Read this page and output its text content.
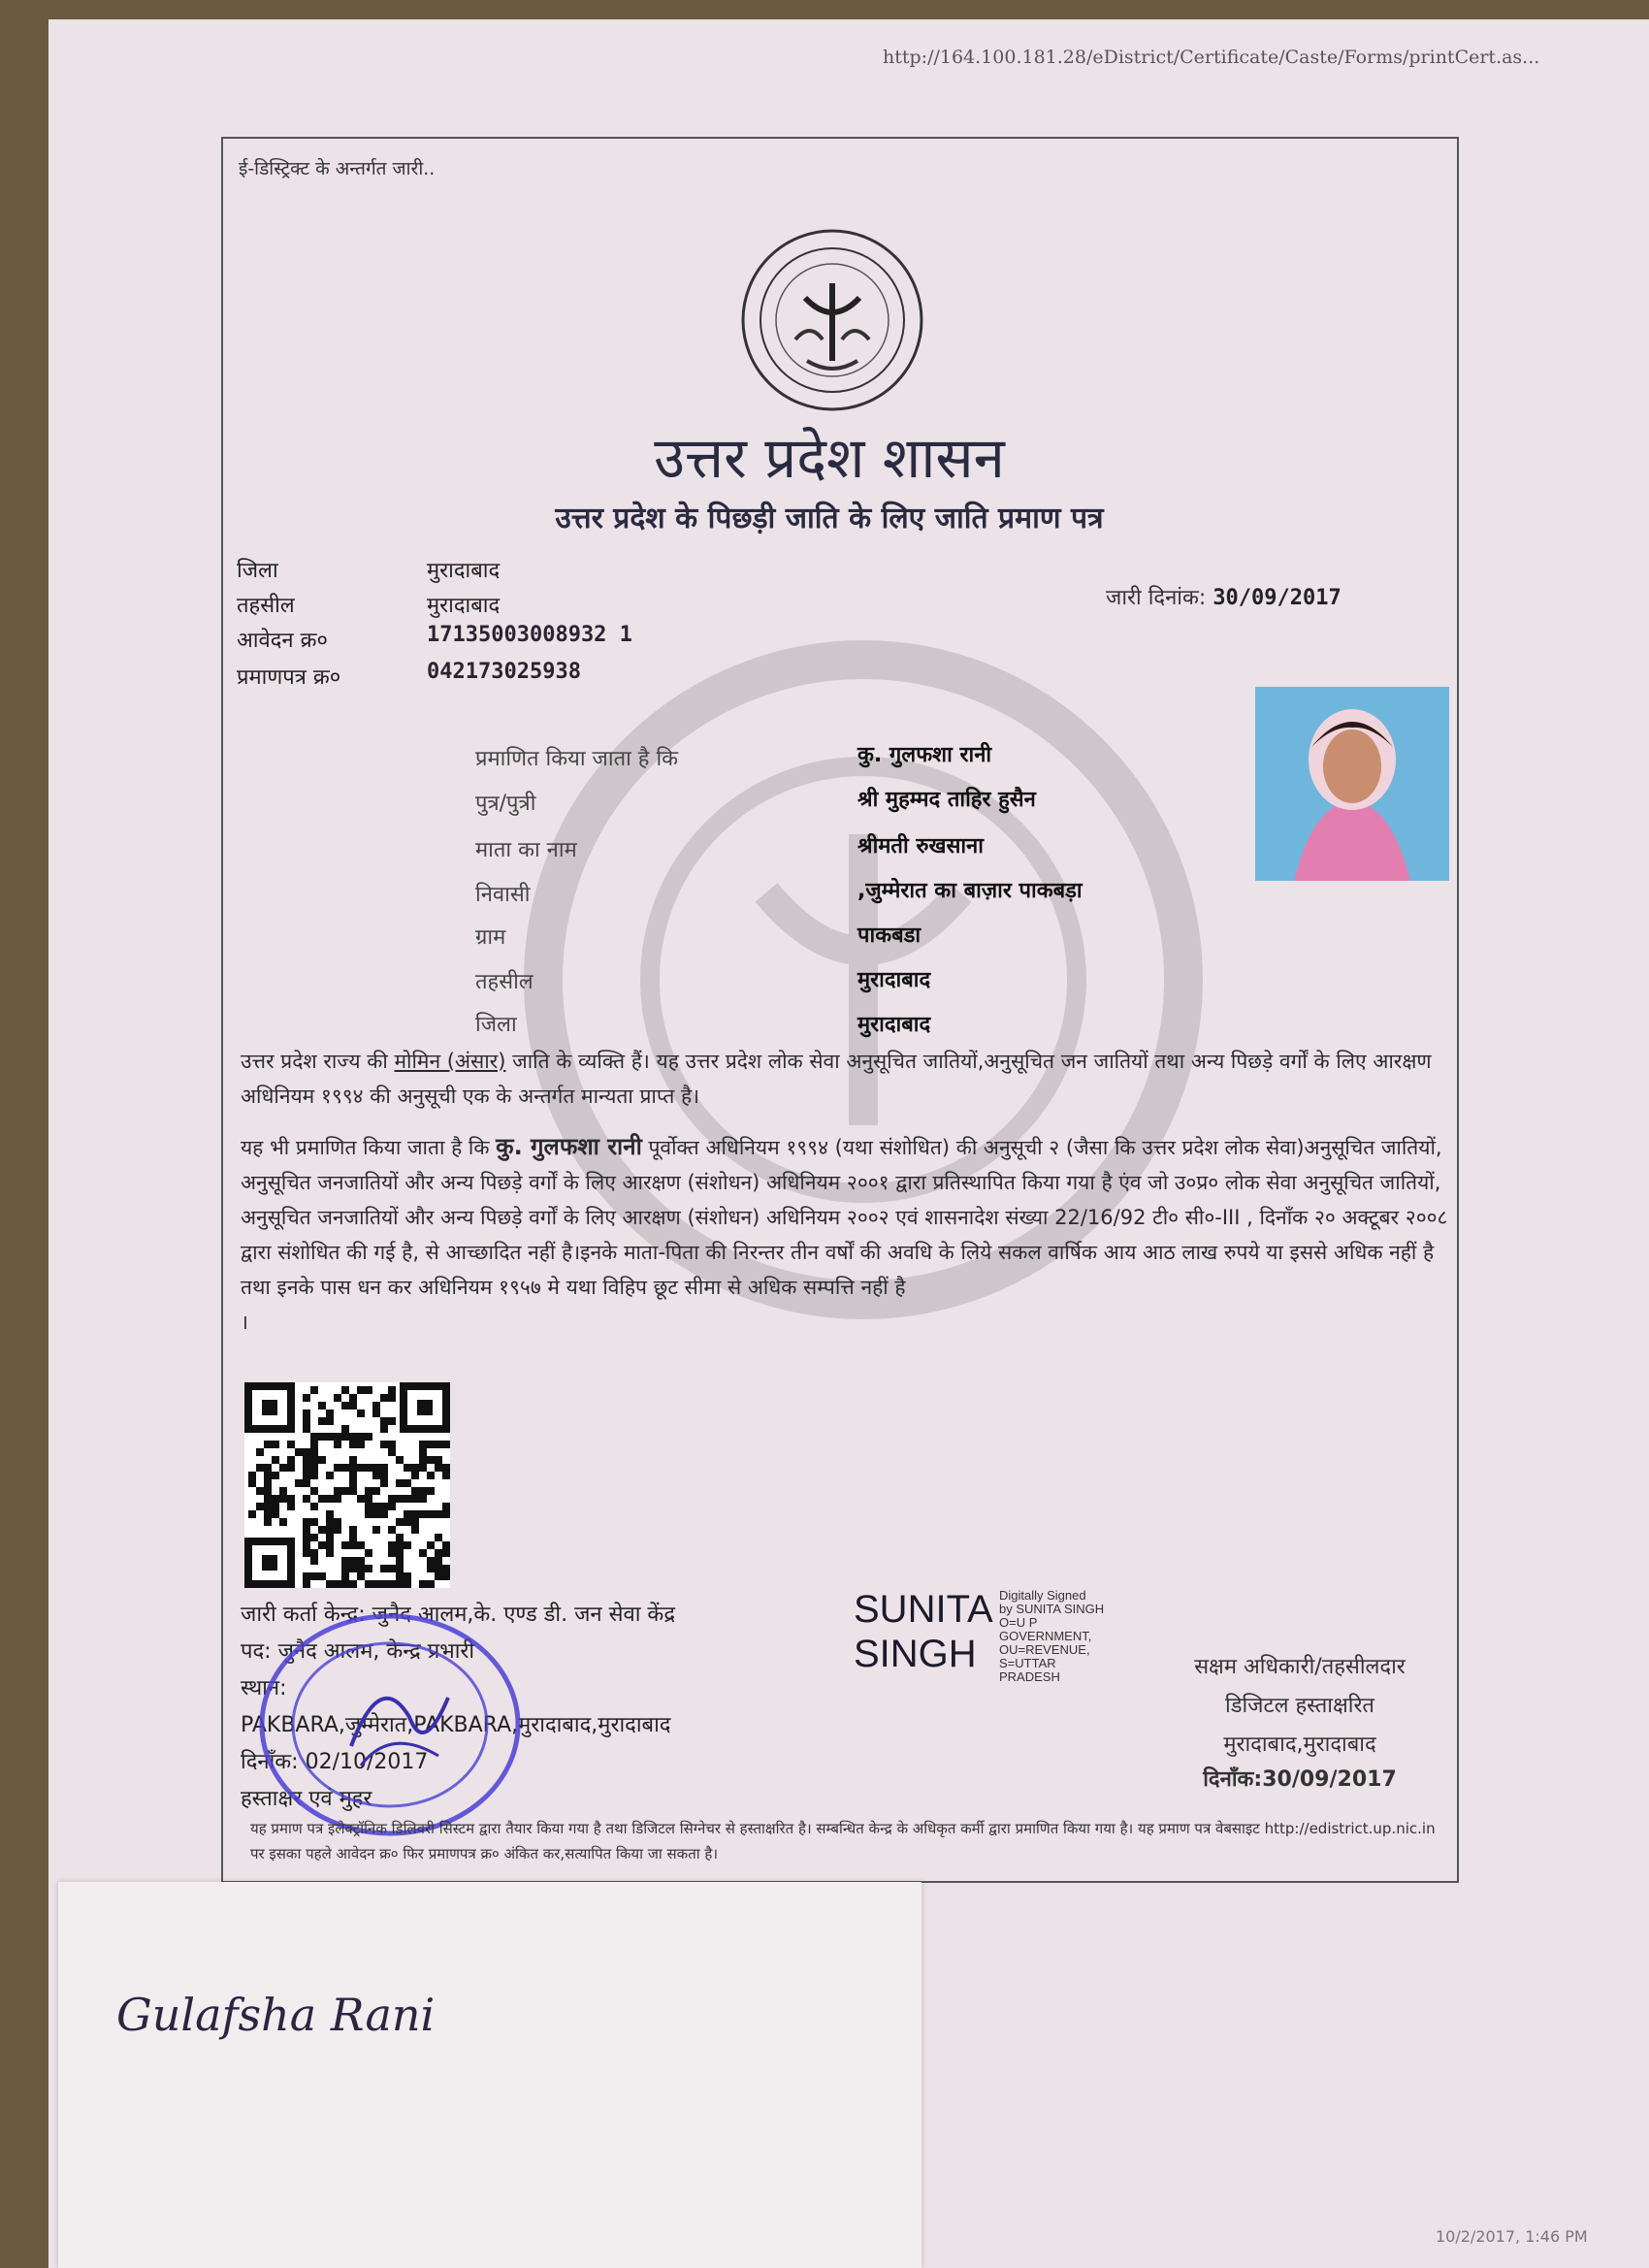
http://164.100.181.28/eDistrict/Certificate/Caste/Forms/printCert.as...
ई-डिस्ट्रिक्ट के अन्तर्गत जारी..
उत्तर प्रदेश शासन
उत्तर प्रदेश के पिछड़ी जाति के लिए जाति प्रमाण पत्र
जिला	मुरादाबाद
तहसील	मुरादाबाद
आवेदन क्र०	17135003008932 1
प्रमाणपत्र क्र०	042173025938
जारी दिनांक: 30/09/2017
प्रमाणित किया जाता है कि	कु. गुलफशा रानी
पुत्र/पुत्री	श्री मुहम्मद ताहिर हुसैन
माता का नाम	श्रीमती रुखसाना
निवासी	,जुम्मेरात का बाज़ार पाकबड़ा
ग्राम	पाकबडा
तहसील	मुरादाबाद
जिला	मुरादाबाद
उत्तर प्रदेश राज्य की मोमिन (अंसार) जाति के व्यक्ति हैं। यह उत्तर प्रदेश लोक सेवा अनुसूचित जातियों,अनुसूचित जन जातियों तथा अन्य पिछड़े वर्गों के लिए आरक्षण अधिनियम १९९४ की अनुसूची एक के अन्तर्गत मान्यता प्राप्त है।
यह भी प्रमाणित किया जाता है कि कु. गुलफशा रानी पूर्वोक्त अधिनियम १९९४ (यथा संशोधित) की अनुसूची २ (जैसा कि उत्तर प्रदेश लोक सेवा)अनुसूचित जातियों, अनुसूचित जनजातियों और अन्य पिछड़े वर्गों के लिए आरक्षण (संशोधन) अधिनियम २००१ द्वारा प्रतिस्थापित किया गया है एंव जो उ०प्र० लोक सेवा अनुसूचित जातियों, अनुसूचित जनजातियों और अन्य पिछड़े वर्गों के लिए आरक्षण (संशोधन) अधिनियम २००२ एवं शासनादेश संख्या 22/16/92 टी० सी०-III , दिनाँक २० अक्टूबर २००८ द्वारा संशोधित की गई है, से आच्छादित नहीं है।इनके माता-पिता की निरन्तर तीन वर्षों की अवधि के लिये सकल वार्षिक आय आठ लाख रुपये या इससे अधिक नहीं है तथा इनके पास धन कर अधिनियम १९५७ मे यथा विहिप छूट सीमा से अधिक सम्पत्ति नहीं है
।
जारी कर्ता केन्द्र: जुनैद आलम,के. एण्ड डी. जन सेवा केंद्र
पद: जुनैद आलम, केन्द्र प्रभारी
स्थान:
PAKBARA,जुम्मेरात,PAKBARA,मुरादाबाद,मुरादाबाद
दिनाँक: 02/10/2017
हस्ताक्षर एवं मुहर
SUNITA
SINGH
Digitally Signed
by SUNITA SINGH
O=U P
GOVERNMENT,
OU=REVENUE,
S=UTTAR
PRADESH	सक्षम अधिकारी/तहसीलदार
डिजिटल हस्ताक्षरित
मुरादाबाद,मुरादाबाद
दिनाँक:30/09/2017
यह प्रमाण पत्र इलेक्ट्रॉनिक डिलिवरी सिस्टम द्वारा तैयार किया गया है तथा डिजिटल सिग्नेचर से हस्ताक्षरित है। सम्बन्धित केन्द्र के अधिकृत कर्मी द्वारा प्रमाणित किया गया है। यह प्रमाण पत्र वेबसाइट http://edistrict.up.nic.in पर इसका पहले आवेदन क्र० फिर प्रमाणपत्र क्र० अंकित कर,सत्यापित किया जा सकता है।
Gulafsha Rani
10/2/2017, 1:46 PM
